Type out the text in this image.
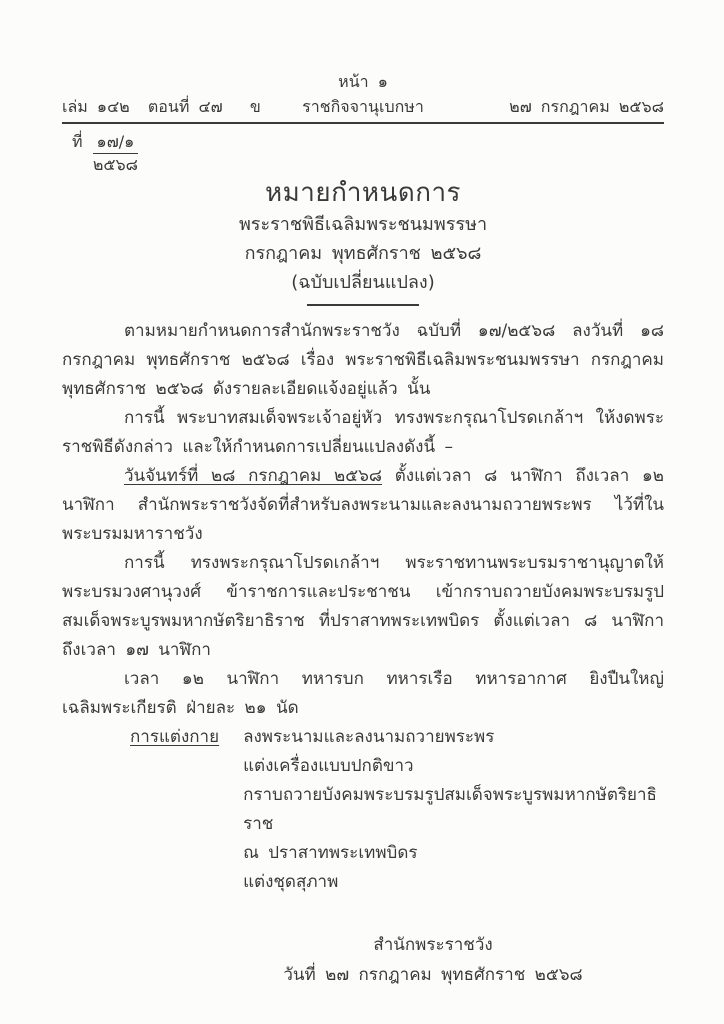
หน้า ๑
เล่ม ๑๔๒  ตอนที่ ๔๗   ข	ราชกิจจานุเบกษา	๒๗ กรกฎาคม ๒๕๖๘
ที่ ๑๗/๑
๒๕๖๘
หมายกำหนดการ
พระราชพิธีเฉลิมพระชนมพรรษา
กรกฎาคม พุทธศักราช ๒๕๖๘
(ฉบับเปลี่ยนแปลง)

ตามหมายกำหนดการสำนักพระราชวัง ฉบับที่ ๑๗/๒๕๖๘ ลงวันที่ ๑๘ กรกฎาคม พุทธศักราช ๒๕๖๘ เรื่อง พระราชพิธีเฉลิมพระชนมพรรษา กรกฎาคม พุทธศักราช ๒๕๖๘ ดังรายละเอียดแจ้งอยู่แล้ว นั้น

การนี้ พระบาทสมเด็จพระเจ้าอยู่หัว ทรงพระกรุณาโปรดเกล้าฯ ให้งดพระราชพิธีดังกล่าว และให้กำหนดการเปลี่ยนแปลงดังนี้ –

วันจันทร์ที่ ๒๘ กรกฎาคม ๒๕๖๘ ตั้งแต่เวลา ๘ นาฬิกา ถึงเวลา ๑๒ นาฬิกา สำนักพระราชวังจัดที่สำหรับลงพระนามและลงนามถวายพระพร ไว้ที่ในพระบรมมหาราชวัง

การนี้ ทรงพระกรุณาโปรดเกล้าฯ พระราชทานพระบรมราชานุญาตให้พระบรมวงศานุวงศ์ ข้าราชการและประชาชน เข้ากราบถวายบังคมพระบรมรูปสมเด็จพระบูรพมหากษัตริยาธิราช ที่ปราสาทพระเทพบิดร ตั้งแต่เวลา ๘ นาฬิกา ถึงเวลา ๑๗ นาฬิกา

เวลา ๑๒ นาฬิกา ทหารบก ทหารเรือ ทหารอากาศ ยิงปืนใหญ่เฉลิมพระเกียรติ ฝ่ายละ ๒๑ นัด

การแต่งกาย ลงพระนามและลงนามถวายพระพร
แต่งเครื่องแบบปกติขาว
กราบถวายบังคมพระบรมรูปสมเด็จพระบูรพมหากษัตริยาธิราช
ณ ปราสาทพระเทพบิดร
แต่งชุดสุภาพ
สำนักพระราชวัง
วันที่ ๒๗ กรกฎาคม พุทธศักราช ๒๕๖๘
